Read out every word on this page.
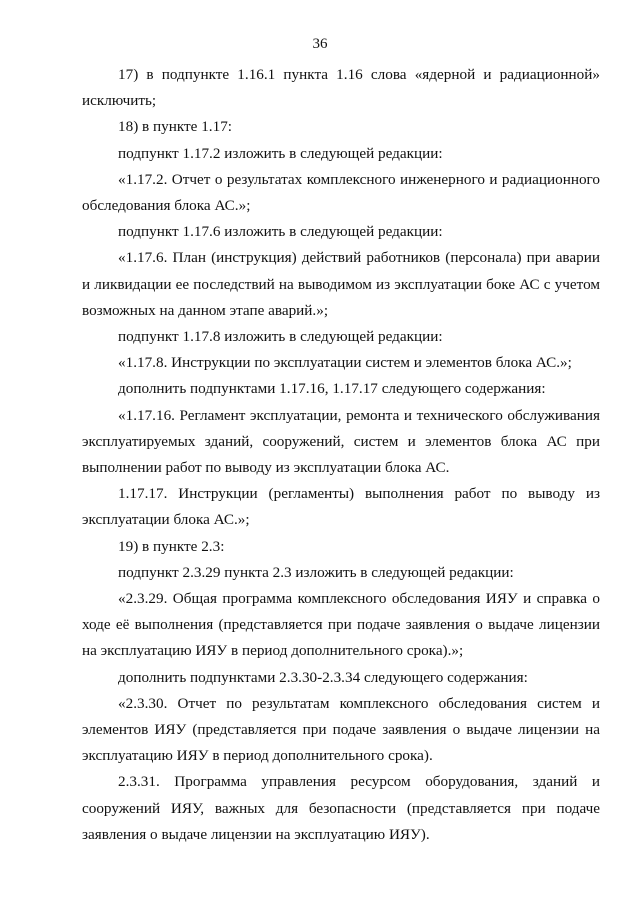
36

17) в подпункте 1.16.1 пункта 1.16 слова «ядерной и радиационной» исключить;

18) в пункте 1.17:

подпункт 1.17.2 изложить в следующей редакции:

«1.17.2. Отчет о результатах комплексного инженерного и радиационного обследования блока АС.»;

подпункт 1.17.6 изложить в следующей редакции:

«1.17.6. План (инструкция) действий работников (персонала) при аварии и ликвидации ее последствий на выводимом из эксплуатации боке АС с учетом возможных на данном этапе аварий.»;

подпункт 1.17.8 изложить в следующей редакции:

«1.17.8. Инструкции по эксплуатации систем и элементов блока АС.»;

дополнить подпунктами 1.17.16, 1.17.17 следующего содержания:

«1.17.16. Регламент эксплуатации, ремонта и технического обслуживания эксплуатируемых зданий, сооружений, систем и элементов блока АС при выполнении работ по выводу из эксплуатации блока АС.

1.17.17. Инструкции (регламенты) выполнения работ по выводу из эксплуатации блока АС.»;

19) в пункте 2.3:

подпункт 2.3.29 пункта 2.3 изложить в следующей редакции:

«2.3.29. Общая программа комплексного обследования ИЯУ и справка о ходе её выполнения (представляется при подаче заявления о выдаче лицензии на эксплуатацию ИЯУ в период дополнительного срока).»;

дополнить подпунктами 2.3.30-2.3.34 следующего содержания:

«2.3.30. Отчет по результатам комплексного обследования систем и элементов ИЯУ (представляется при подаче заявления о выдаче лицензии на эксплуатацию ИЯУ в период дополнительного срока).

2.3.31. Программа управления ресурсом оборудования, зданий и сооружений ИЯУ, важных для безопасности (представляется при подаче заявления о выдаче лицензии на эксплуатацию ИЯУ).
